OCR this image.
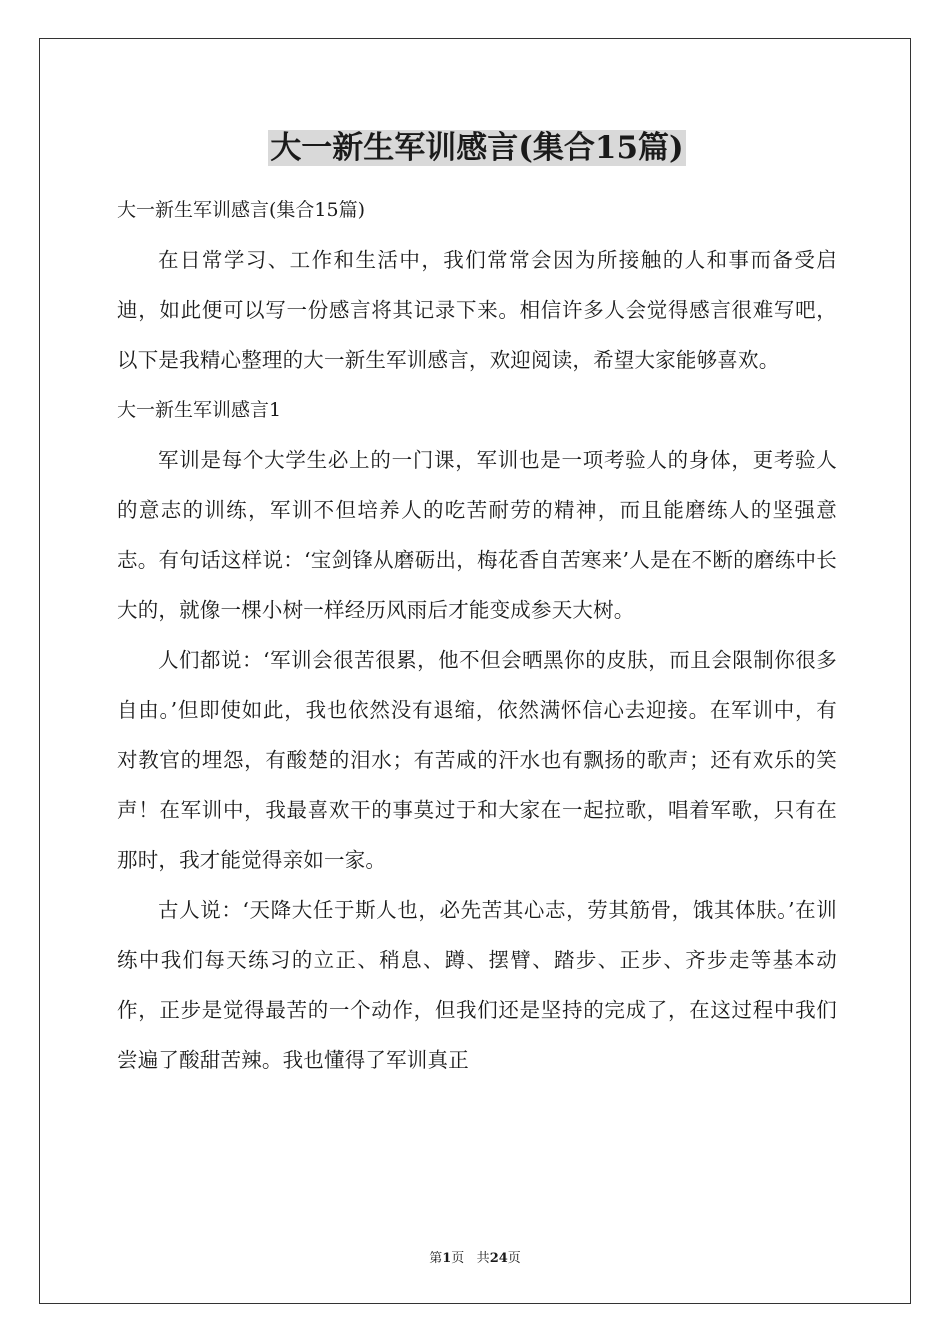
大一新生军训感言(集合15篇)

大一新生军训感言(集合15篇)

在日常学习、工作和生活中，我们常常会因为所接触的人和事而备受启迪，如此便可以写一份感言将其记录下来。相信许多人会觉得感言很难写吧，以下是我精心整理的大一新生军训感言，欢迎阅读，希望大家能够喜欢。

大一新生军训感言1

军训是每个大学生必上的一门课，军训也是一项考验人的身体，更考验人的意志的训练，军训不但培养人的吃苦耐劳的精神，而且能磨练人的坚强意志。有句话这样说：‘宝剑锋从磨砺出，梅花香自苦寒来’人是在不断的磨练中长大的，就像一棵小树一样经历风雨后才能变成参天大树。

人们都说：‘军训会很苦很累，他不但会晒黑你的皮肤，而且会限制你很多自由。’但即使如此，我也依然没有退缩，依然满怀信心去迎接。在军训中，有对教官的埋怨，有酸楚的泪水；有苦咸的汗水也有飘扬的歌声；还有欢乐的笑声！在军训中，我最喜欢干的事莫过于和大家在一起拉歌，唱着军歌，只有在那时，我才能觉得亲如一家。

古人说：‘天降大任于斯人也，必先苦其心志，劳其筋骨，饿其体肤。’在训练中我们每天练习的立正、稍息、蹲、摆臂、踏步、正步、齐步走等基本动作，正步是觉得最苦的一个动作，但我们还是坚持的完成了，在这过程中我们尝遍了酸甜苦辣。我也懂得了军训真正

第1页 共24页
